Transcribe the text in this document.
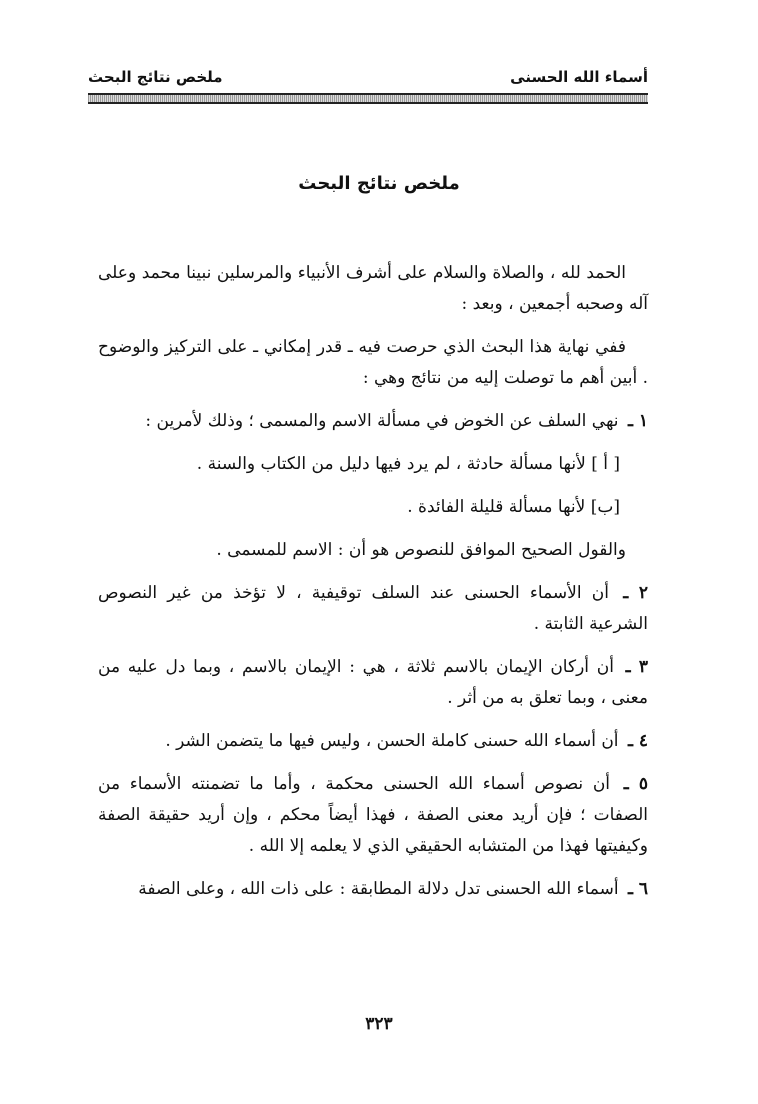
أسماء الله الحسنى
ملخص نتائج البحث
ملخص نتائج البحث

الحمد لله ، والصلاة والسلام على أشرف الأنبياء والمرسلين نبينا محمد وعلى آله وصحبه أجمعين ، وبعد :

ففي نهاية هذا البحث الذي حرصت فيه ـ قدر إمكاني ـ على التركيز والوضوح . أبين أهم ما توصلت إليه من نتائج وهي :

١ ـ نهي السلف عن الخوض في مسألة الاسم والمسمى ؛ وذلك لأمرين :

[ أ ] لأنها مسألة حادثة ، لم يرد فيها دليل من الكتاب والسنة .

[ب] لأنها مسألة قليلة الفائدة .

والقول الصحيح الموافق للنصوص هو أن : الاسم للمسمى .

٢ ـ أن الأسماء الحسنى عند السلف توقيفية ، لا تؤخذ من غير النصوص الشرعية الثابتة .

٣ ـ أن أركان الإيمان بالاسم ثلاثة ، هي : الإيمان بالاسم ، وبما دل عليه من معنى ، وبما تعلق به من أثر .

٤ ـ أن أسماء الله حسنى كاملة الحسن ، وليس فيها ما يتضمن الشر .

٥ ـ أن نصوص أسماء الله الحسنى محكمة ، وأما ما تضمنته الأسماء من الصفات ؛ فإن أريد معنى الصفة ، فهذا أيضاً محكم ، وإن أريد حقيقة الصفة وكيفيتها فهذا من المتشابه الحقيقي الذي لا يعلمه إلا الله .

٦ ـ أسماء الله الحسنى تدل دلالة المطابقة : على ذات الله ، وعلى الصفة

٣٢٣
